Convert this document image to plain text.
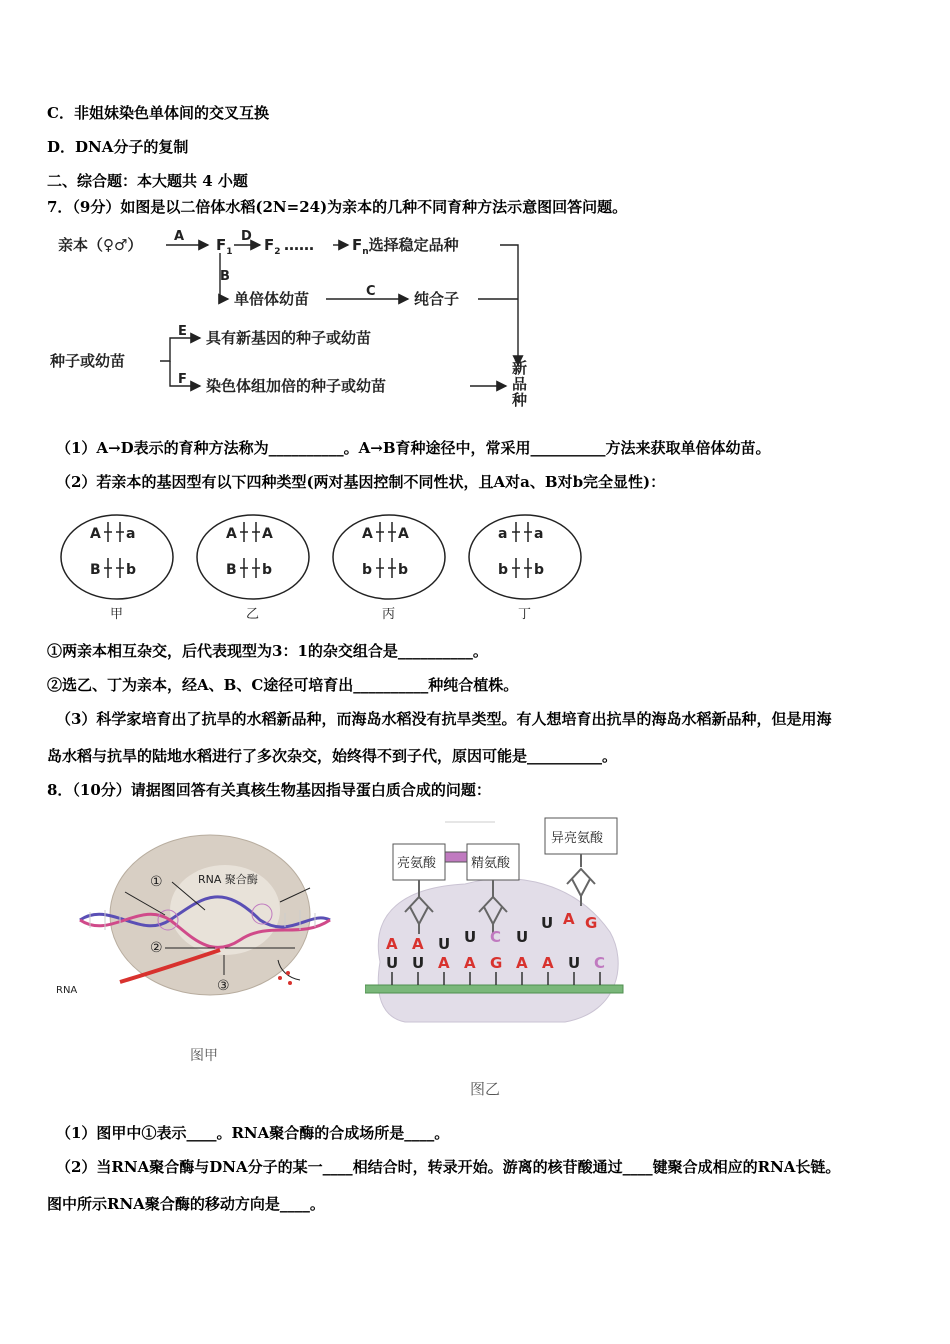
C．非姐妹染色单体间的交叉互换
D．DNA分子的复制
二、综合题：本大题共 4 小题
7．（9分）如图是以二倍体水稻(2N=24)为亲本的几种不同育种方法示意图回答问题。
亲本（♀♂） A $F_1$
D $F_2$ ……	$F_n$选择稳定品种
B
单倍体幼苗	C	纯合子
种子或幼苗
E 具有新基因的种子或幼苗
F 染色体组加倍的种子或幼苗
新
品
种
（1）A→D表示的育种方法称为__________。A→B育种途径中，常采用__________方法来获取单倍体幼苗。
（2）若亲本的基因型有以下四种类型(两对基因控制不同性状，且A对a、B对b完全显性)：
A a
B b
甲
A A
B b
乙
A A
b b
丙
a a
b b
丁
①两亲本相互杂交，后代表现型为3：1的杂交组合是__________。
②选乙、丁为亲本，经A、B、C途径可培育出__________种纯合植株。
（3）科学家培育出了抗旱的水稻新品种，而海岛水稻没有抗旱类型。有人想培育出抗旱的海岛水稻新品种，但是用海
岛水稻与抗旱的陆地水稻进行了多次杂交，始终得不到子代，原因可能是__________。
8．（10分）请据图回答有关真核生物基因指导蛋白质合成的问题：
①	RNA 聚合酶
②
③
RNA
图甲
亮氨酸	精氨酸
异亮氨酸
U U A A G A A U C
A A U U C U
U A G
图乙
（1）图甲中①表示____。RNA聚合酶的合成场所是____。
（2）当RNA聚合酶与DNA分子的某一____相结合时，转录开始。游离的核苷酸通过____键聚合成相应的RNA长链。
图中所示RNA聚合酶的移动方向是____。
